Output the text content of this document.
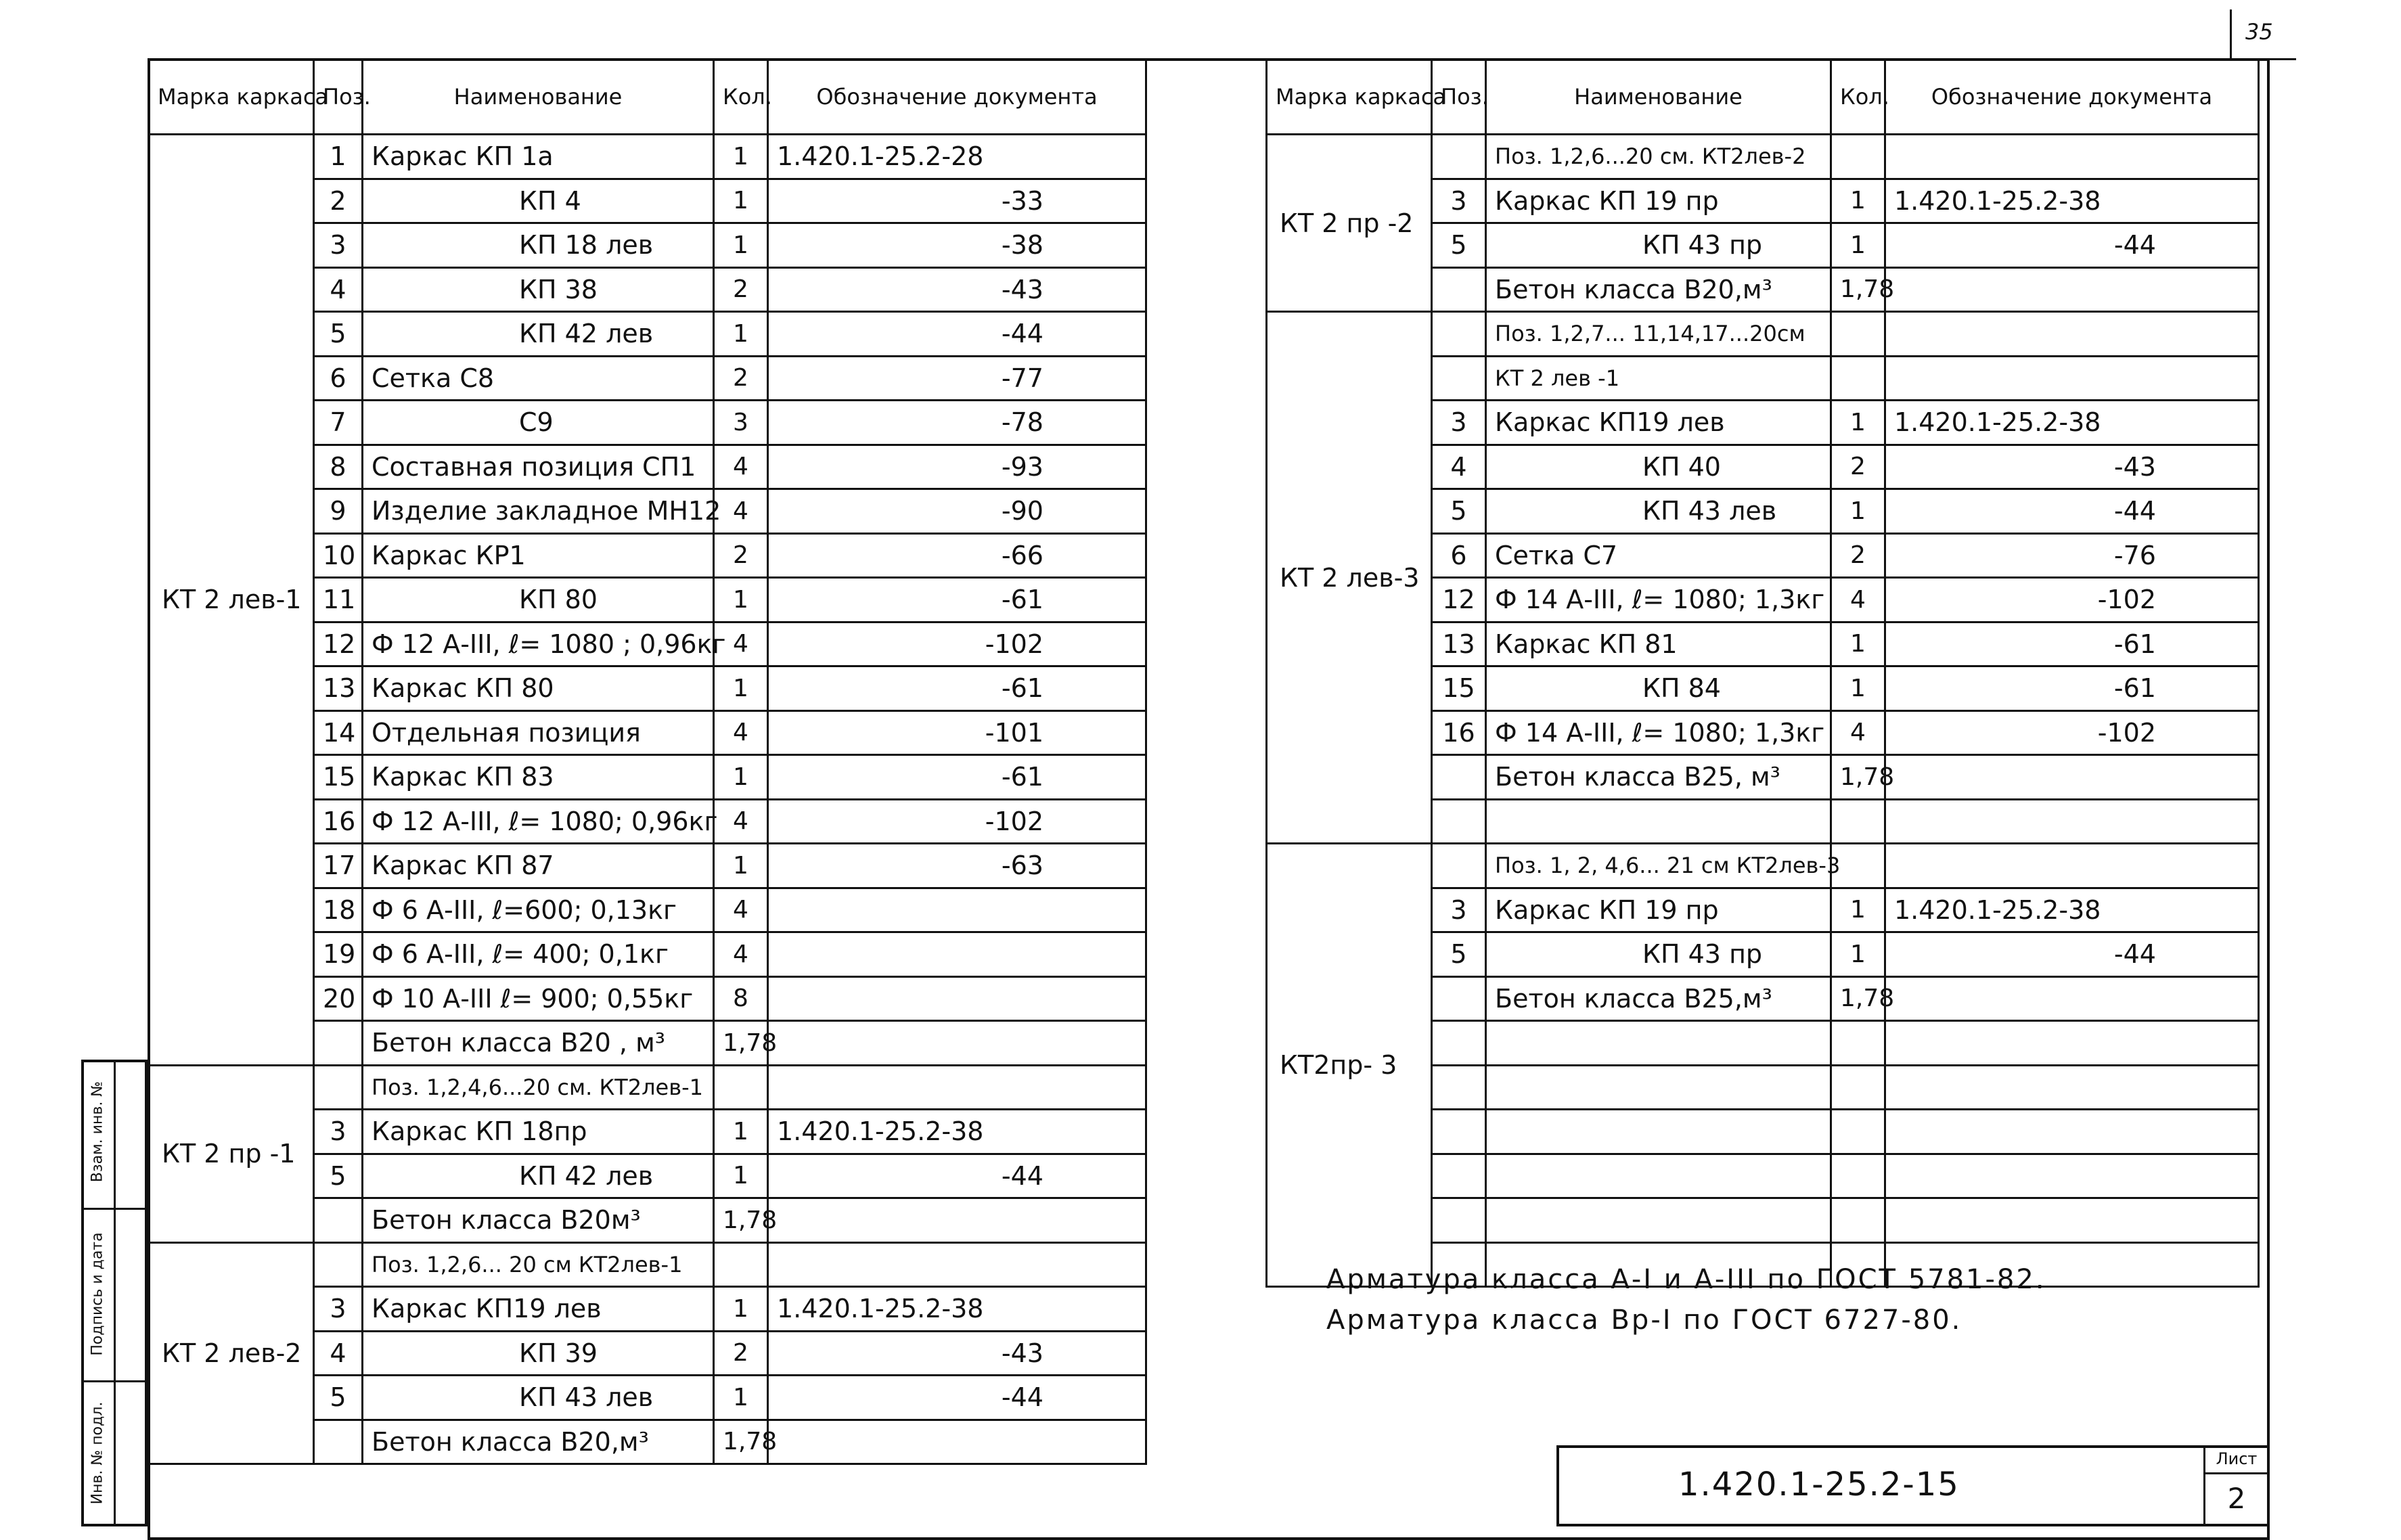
35
Взам. инв. №
Подпись и дата
Инв. № подл.
Марка каркаса	Поз.	Наименование	Кол.	Обозначение документа
КТ 2 лев-1	1	Каркас КП 1а	1	1.420.1-25.2-28
	2	КП 4	1	-33
	3	КП 18 лев	1	-38
	4	КП 38	2	-43
	5	КП 42 лев	1	-44
	6	Сетка С8	2	-77
	7	С9	3	-78
	8	Составная позиция СП1	4	-93
	9	Изделие закладное МН12	4	-90
	10	Каркас КР1	2	-66
	11	КП 80	1	-61
	12	Ф 12 А-III, ℓ= 1080 ; 0,96кг	4	-102
	13	Каркас КП 80	1	-61
	14	Отдельная позиция	4	-101
	15	Каркас КП 83	1	-61
	16	Ф 12 А-III, ℓ= 1080; 0,96кг	4	-102
	17	Каркас КП 87	1	-63
	18	Ф 6 А-III, ℓ=600; 0,13кг	4	
	19	Ф 6 А-III, ℓ= 400; 0,1кг	4	
	20	Ф 10 А-III ℓ= 900; 0,55кг	8	
		Бетон класса В20 , м³	1,78	
КТ 2 пр -1		Поз. 1,2,4,6...20 см. КТ2лев-1		
	3	Каркас КП 18пр	1	1.420.1-25.2-38
	5	КП 42 лев	1	-44
		Бетон класса В20м³	1,78	
КТ 2 лев-2		Поз. 1,2,6... 20 см КТ2лев-1		
	3	Каркас КП19 лев	1	1.420.1-25.2-38
	4	КП 39	2	-43
	5	КП 43 лев	1	-44
		Бетон класса В20,м³	1,78	
Марка каркаса	Поз.	Наименование	Кол.	Обозначение документа
КТ 2 пр -2		Поз. 1,2,6...20 см. КТ2лев-2		
	3	Каркас КП 19 пр	1	1.420.1-25.2-38
	5	КП 43 пр	1	-44
		Бетон класса В20,м³	1,78	
КТ 2 лев-3		Поз. 1,2,7... 11,14,17...20см		
		КТ 2 лев -1		
	3	Каркас КП19 лев	1	1.420.1-25.2-38
	4	КП 40	2	-43
	5	КП 43 лев	1	-44
	6	Сетка С7	2	-76
	12	Ф 14 А-III, ℓ= 1080; 1,3кг	4	-102
	13	Каркас КП 81	1	-61
	15	КП 84	1	-61
	16	Ф 14 А-III, ℓ= 1080; 1,3кг	4	-102
		Бетон класса В25, м³	1,78	

КТ2пр- 3		Поз. 1, 2, 4,6... 21 см КТ2лев-3		
	3	Каркас КП 19 пр	1	1.420.1-25.2-38
	5	КП 43 пр	1	-44
		Бетон класса В25,м³	1,78	

Арматура класса А-I и А-III по ГОСТ 5781-82.
Арматура класса Вр-I по ГОСТ 6727-80.
1.420.1-25.2-15
Лист
2
